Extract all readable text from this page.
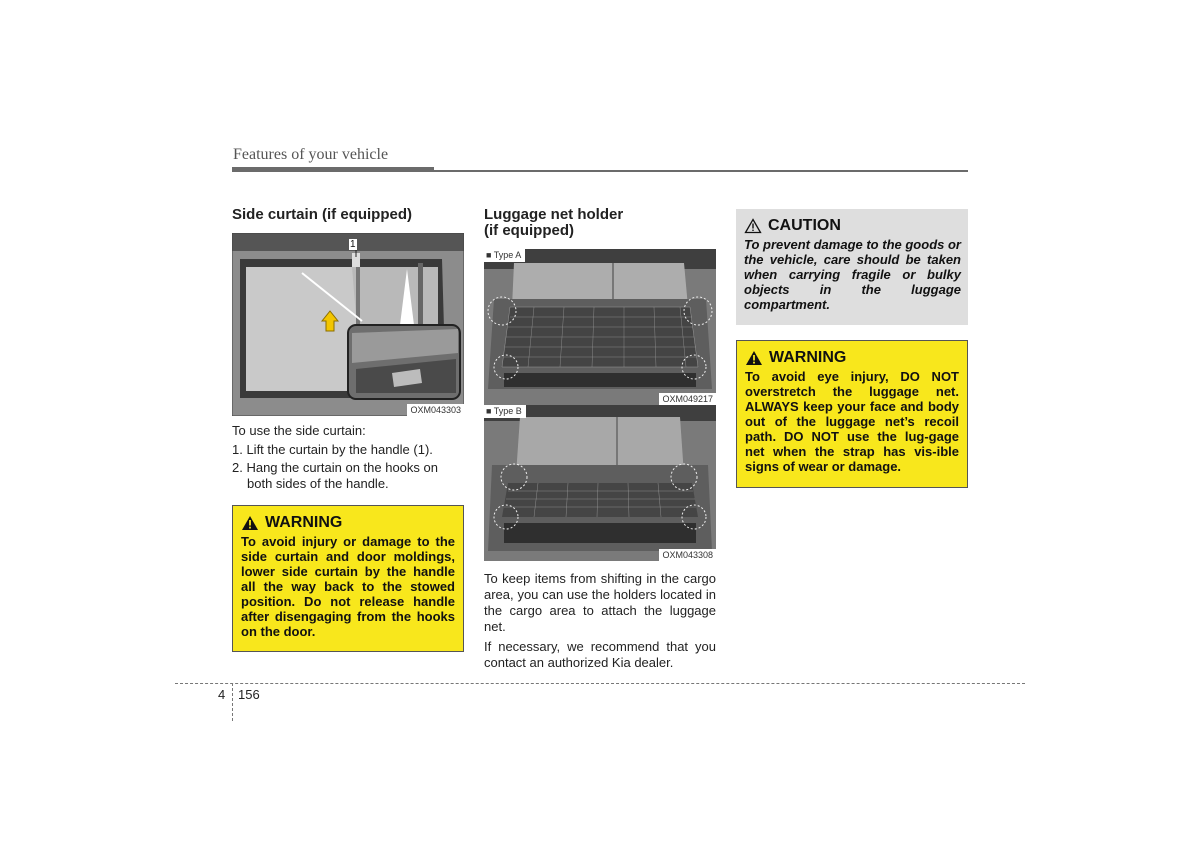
Features of your vehicle
Side curtain (if equipped)
1
OXM043303

To use the side curtain:

1. Lift the curtain by the handle (1).
2. Hang the curtain on the hooks on both sides of the handle.
WARNING

To avoid injury or damage to the side curtain and door moldings, lower side curtain by the handle all the way back to the stowed position. Do not release handle after disengaging from the hooks on the door.

Luggage net holder
(if equipped)
■ Type A
OXM049217
■ Type B
OXM043308

To keep items from shifting in the cargo area, you can use the holders located in the cargo area to attach the luggage net.

If necessary, we recommend that you contact an authorized Kia dealer.

CAUTION

To prevent damage to the goods or the vehicle, care should be taken when carrying fragile or bulky objects in the luggage compartment.

WARNING

To avoid eye injury, DO NOT overstretch the luggage net. ALWAYS keep your face and body out of the luggage net’s recoil path. DO NOT use the lug-gage net when the strap has vis-ible signs of wear or damage.

4 156
